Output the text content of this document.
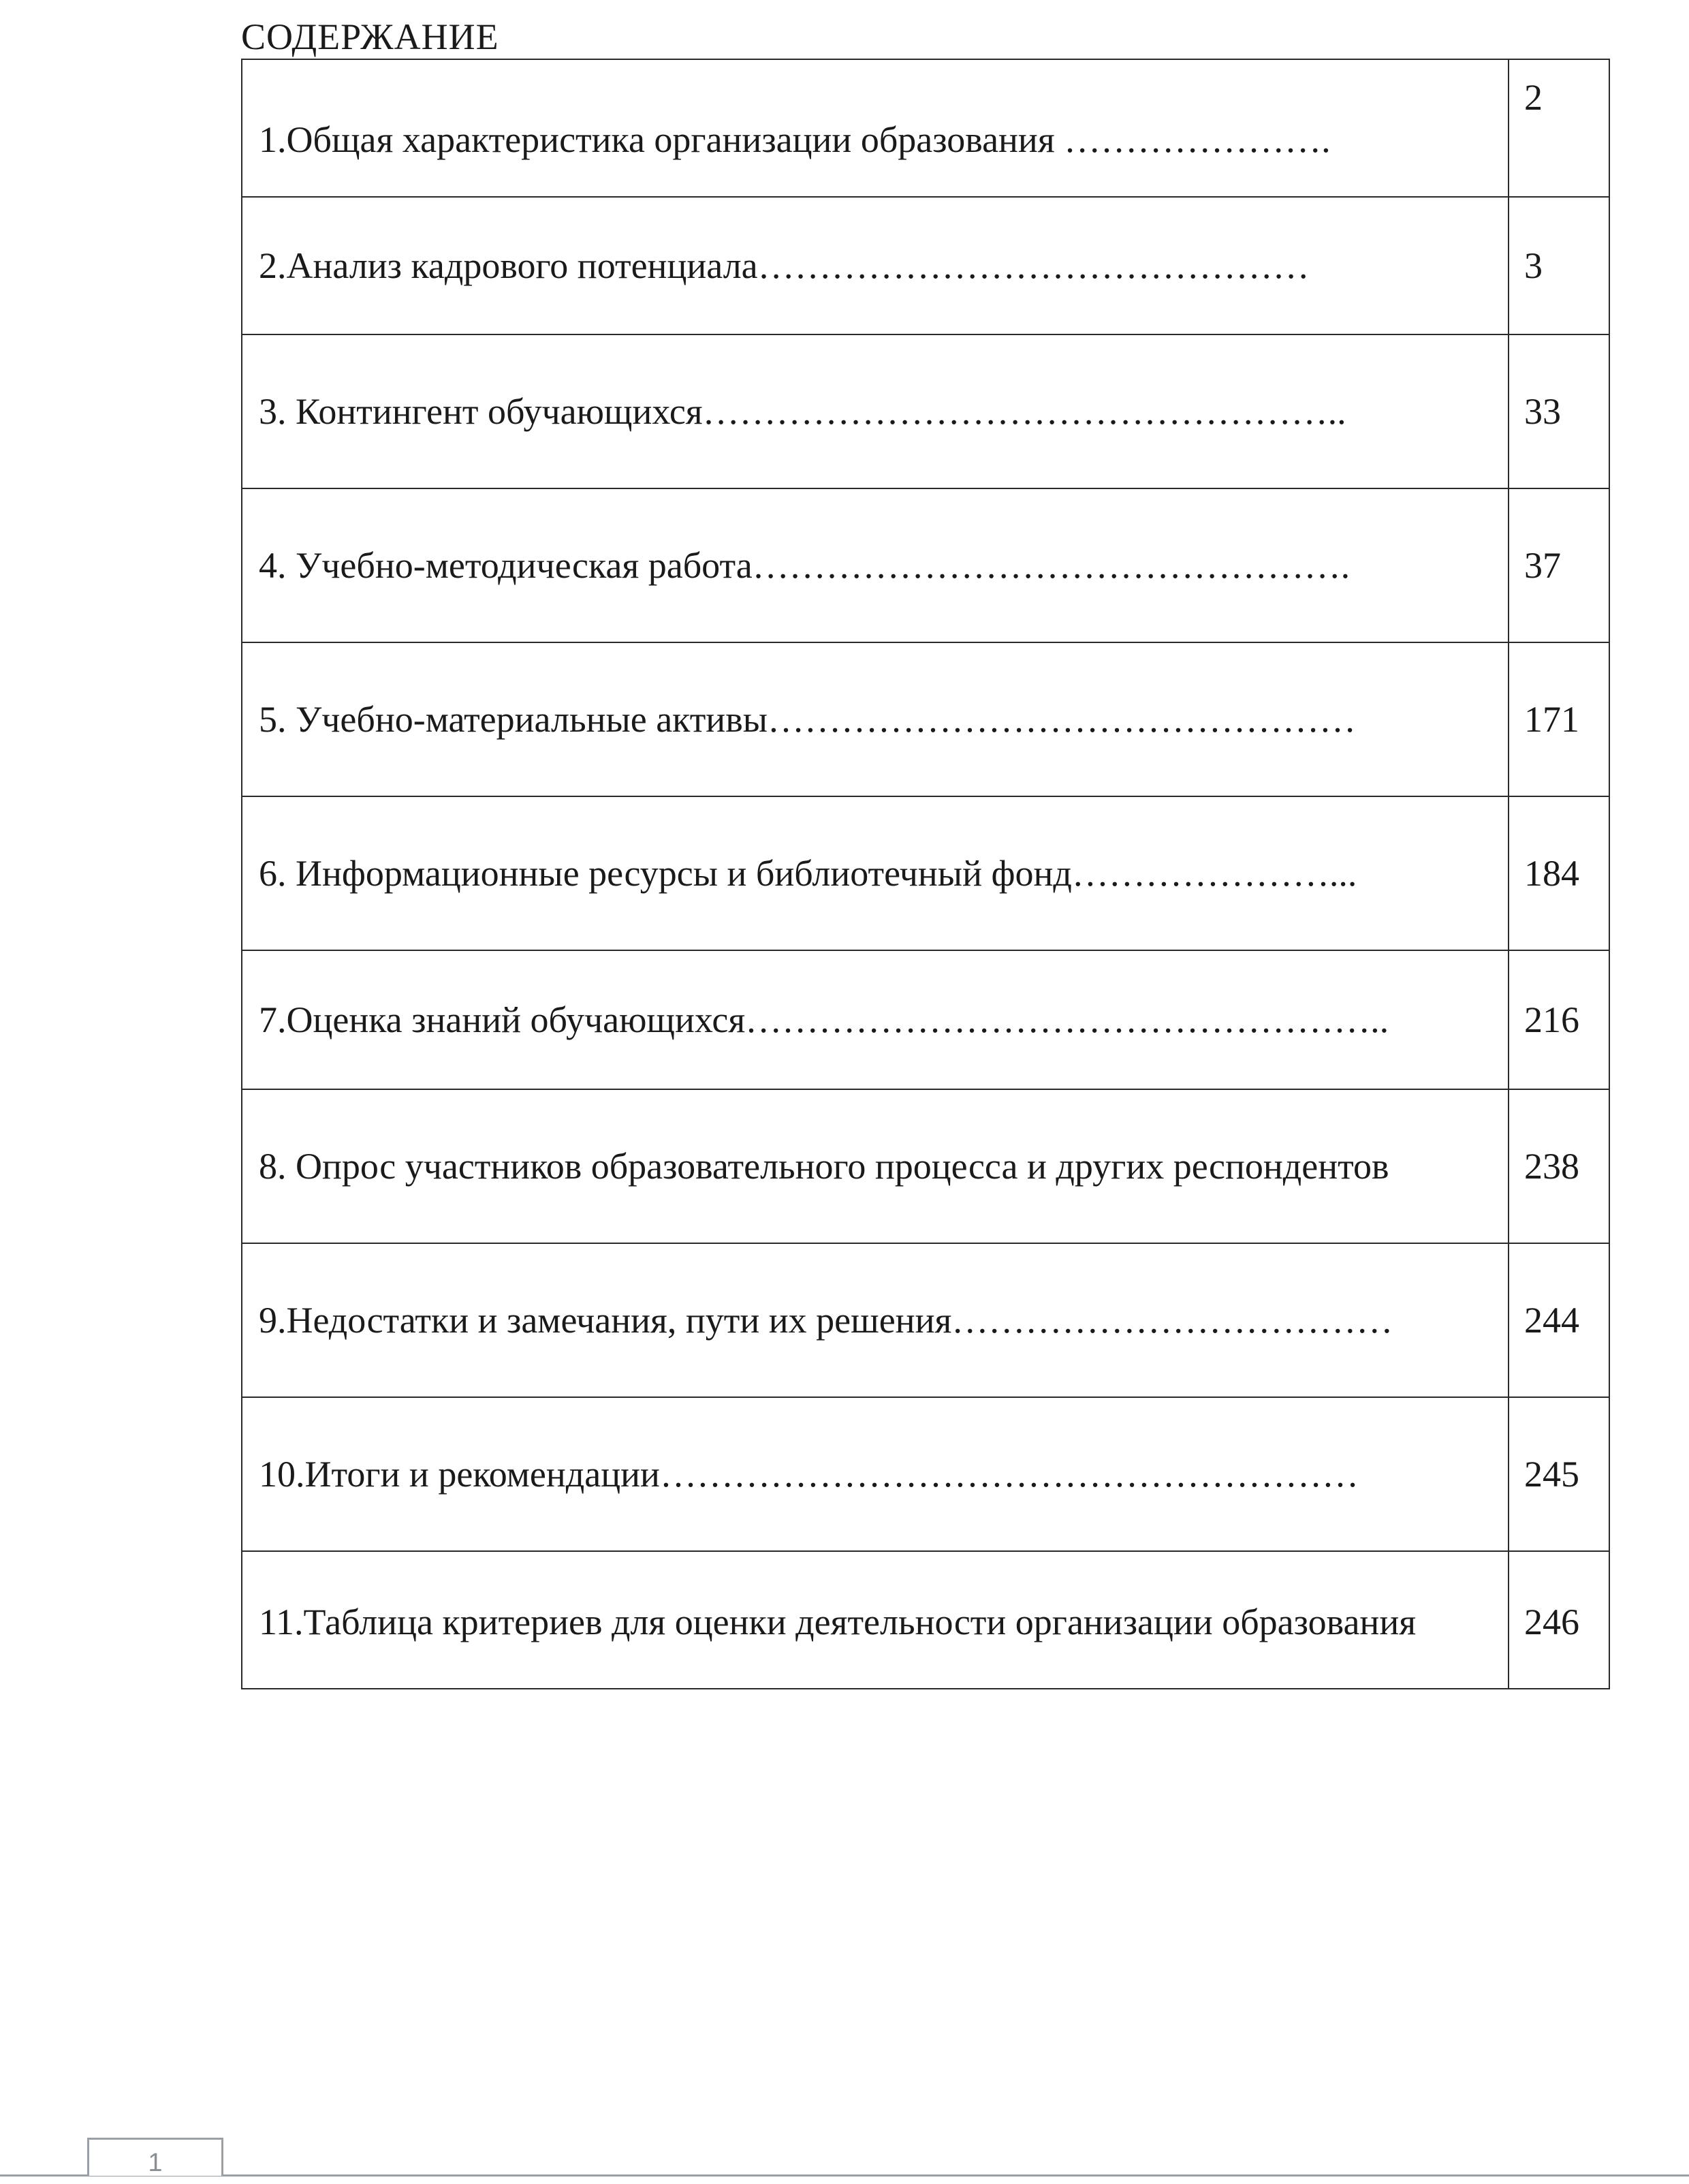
СОДЕРЖАНИЕ
1.Общая характеристика организации образования ………………….	2
2.Анализ кадрового потенциала………………………………………	3
3. Контингент обучающихся……………………………………………..	33
4. Учебно-методическая работа………………………………………….	37
5. Учебно-материальные активы…………………………………………	171
6. Информационные ресурсы и библиотечный фонд…………………...	184
7.Оценка знаний обучающихся……………………………………………..	216
8. Опрос участников образовательного процесса и других респондентов	238
9.Недостатки и замечания, пути их решения………………………………	244
10.Итоги и рекомендации…………………………………………………	245
11.Таблица критериев для оценки деятельности организации образования	246
1
